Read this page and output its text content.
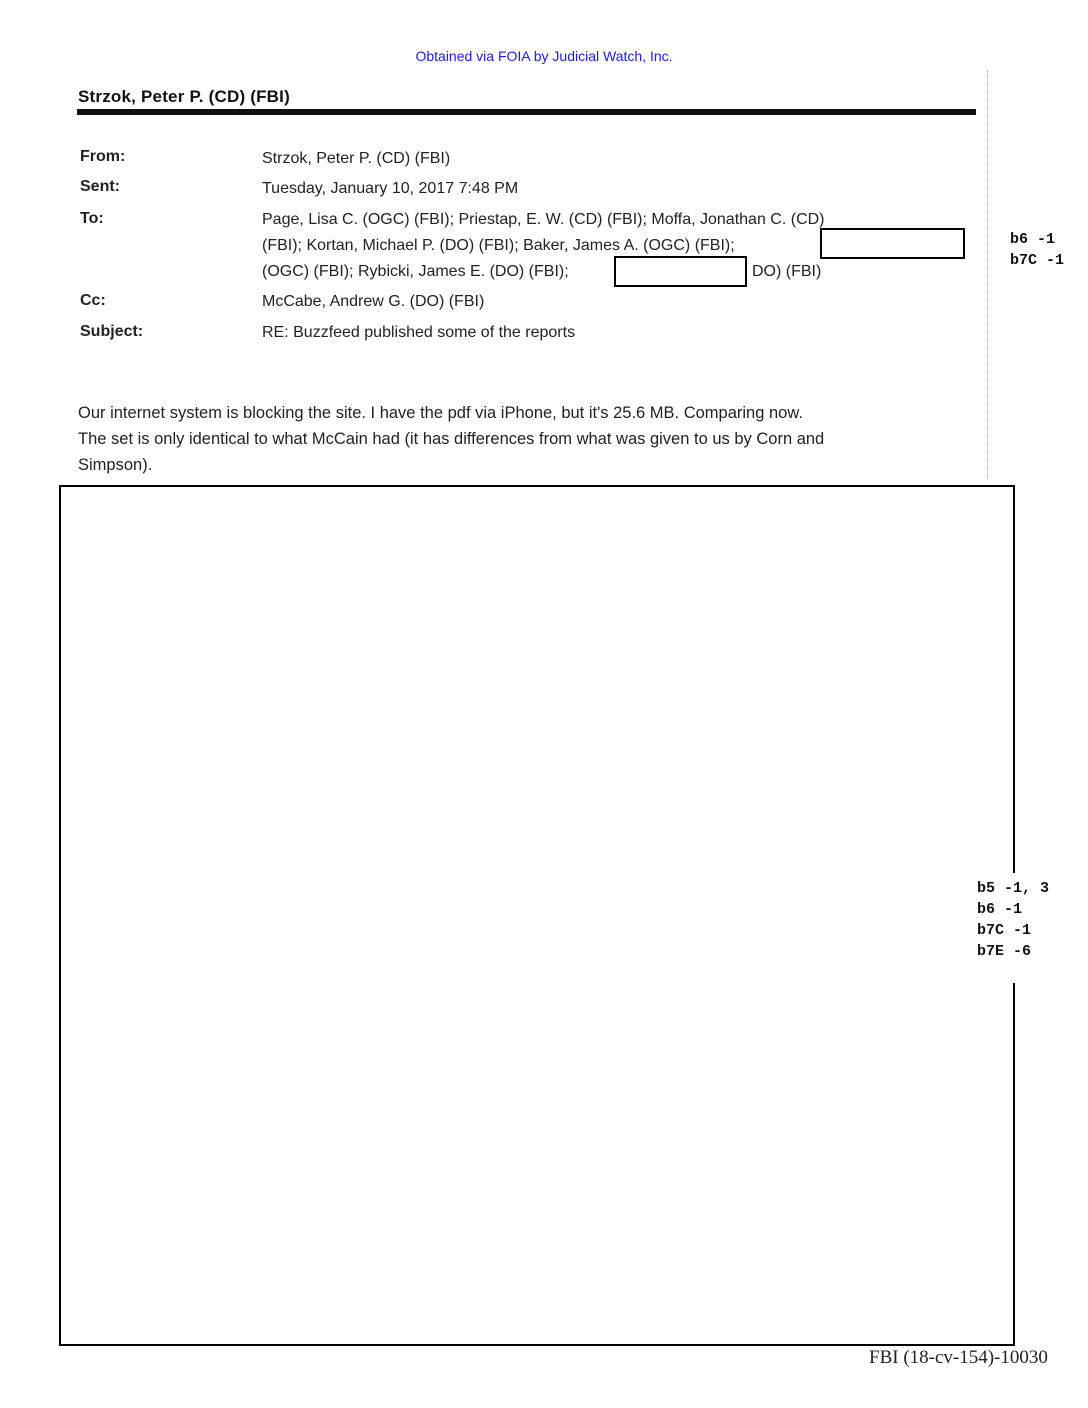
Obtained via FOIA by Judicial Watch, Inc.
Strzok, Peter P. (CD) (FBI)
From:	Strzok, Peter P. (CD) (FBI)
Sent:	Tuesday, January 10, 2017 7:48 PM
To:	Page, Lisa C. (OGC) (FBI); Priestap, E. W. (CD) (FBI); Moffa, Jonathan C. (CD)
(FBI); Kortan, Michael P. (DO) (FBI); Baker, James A. (OGC) (FBI);
(OGC) (FBI); Rybicki, James E. (DO) (FBI);	DO) (FBI)
Cc:	McCabe, Andrew G. (DO) (FBI)
Subject:	RE: Buzzfeed published some of the reports
b6 -1
b7C -1
Our internet system is blocking the site. I have the pdf via iPhone, but it's 25.6 MB. Comparing now.
The set is only identical to what McCain had (it has differences from what was given to us by Corn and
Simpson).
b5 -1, 3
b6 -1
b7C -1
b7E -6
FBI (18-cv-154)-10030
